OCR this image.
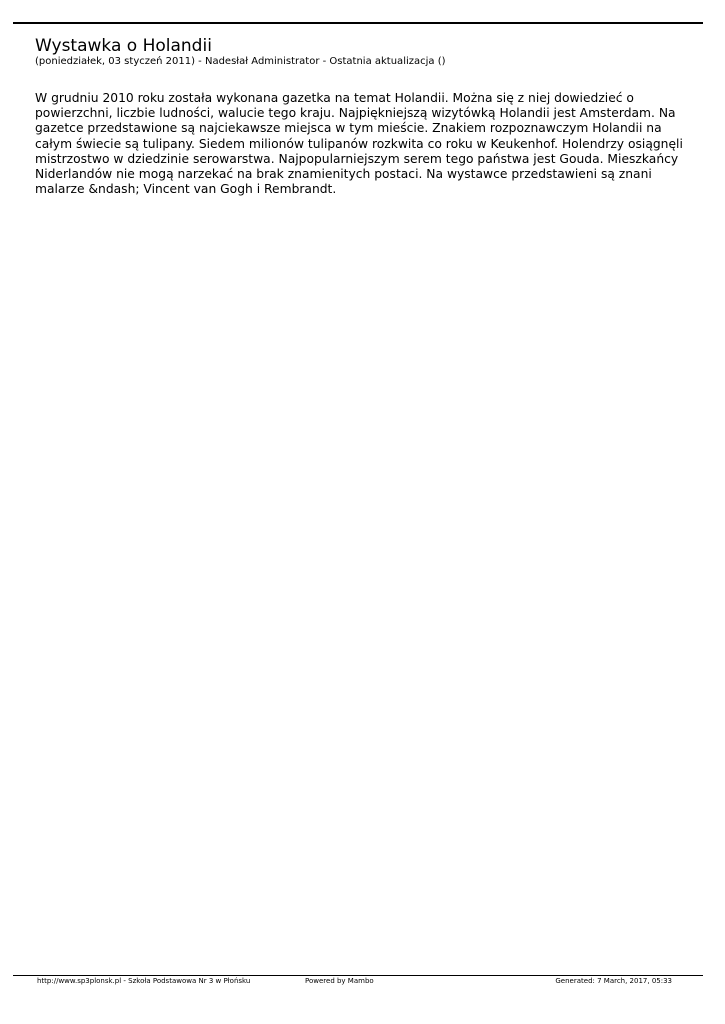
Wystawka o Holandii
(poniedziałek, 03 styczeń 2011) - Nadesłał Administrator - Ostatnia aktualizacja ()

W grudniu 2010 roku została wykonana gazetka na temat Holandii. Można się z niej dowiedzieć o powierzchni, liczbie ludności, walucie tego kraju. Najpiękniejszą wizytówką Holandii jest Amsterdam. Na gazetce przedstawione są najciekawsze miejsca w tym mieście. Znakiem rozpoznawczym Holandii na całym świecie są tulipany. Siedem milionów tulipanów rozkwita co roku w Keukenhof. Holendrzy osiągnęli mistrzostwo w dziedzinie serowarstwa. Najpopularniejszym serem tego państwa jest Gouda. Mieszkańcy Niderlandów nie mogą narzekać na brak znamienitych postaci. Na wystawce przedstawieni są znani malarze &ndash; Vincent van Gogh i Rembrandt.

http://www.sp3plonsk.pl - Szkoła Podstawowa Nr 3 w Płońsku	Powered by Mambo	Generated: 7 March, 2017, 05:33
